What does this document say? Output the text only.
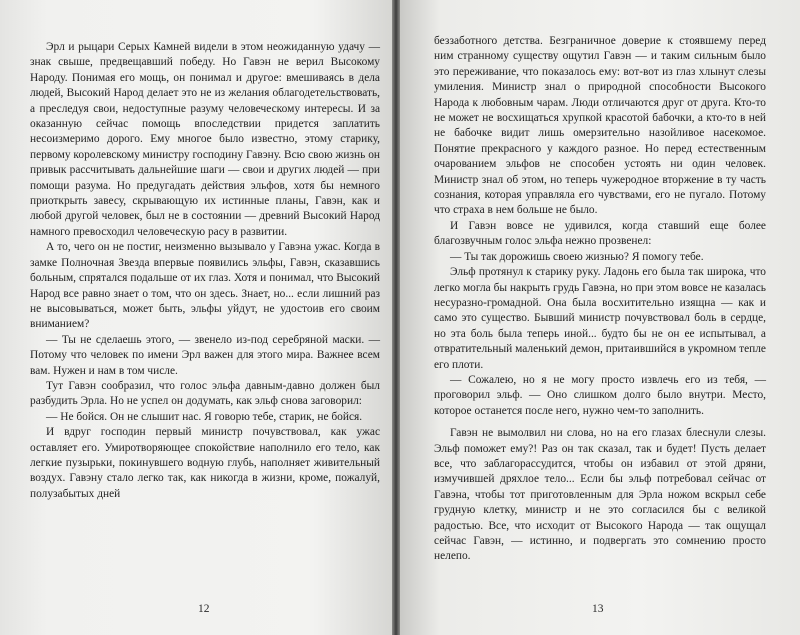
Эрл и рыцари Серых Камней видели в этом неожиданную удачу — знак свыше, предвещавший победу. Но Гавэн не верил Высокому Народу. Понимая его мощь, он понимал и другое: вмешиваясь в дела людей, Высокий Народ делает это не из желания облагодетельствовать, а преследуя свои, недоступные разуму человеческому интересы. И за оказанную сейчас помощь впоследствии придется заплатить несоизмеримо дорого. Ему многое было известно, этому старику, первому королевскому министру господину Гавэну. Всю свою жизнь он привык рассчитывать дальнейшие шаги — свои и других людей — при помощи разума. Но предугадать действия эльфов, хотя бы немного приоткрыть завесу, скрывающую их истинные планы, Гавэн, как и любой другой человек, был не в состоянии — древний Высокий Народ намного превосходил человеческую расу в развитии.

А то, чего он не постиг, неизменно вызывало у Гавэна ужас. Когда в замке Полночная Звезда впервые появились эльфы, Гавэн, сказавшись больным, спрятался подальше от их глаз. Хотя и понимал, что Высокий Народ все равно знает о том, что он здесь. Знает, но... если лишний раз не высовываться, может быть, эльфы уйдут, не удостоив его своим вниманием?

— Ты не сделаешь этого, — звенело из-под серебряной маски. — Потому что человек по имени Эрл важен для этого мира. Важнее всем вам. Нужен и нам в том числе.

Тут Гавэн сообразил, что голос эльфа давным-давно должен был разбудить Эрла. Но не успел он додумать, как эльф снова заговорил:

— Не бойся. Он не слышит нас. Я говорю тебе, старик, не бойся.

И вдруг господин первый министр почувствовал, как ужас оставляет его. Умиротворяющее спокойствие наполнило его тело, как легкие пузырьки, покинувшего водную глубь, наполняет живительный воздух. Гавэну стало легко так, как никогда в жизни, кроме, пожалуй, полузабытых дней

12

беззаботного детства. Безграничное доверие к стоявшему перед ним странному существу ощутил Гавэн — и таким сильным было это переживание, что показалось ему: вот-вот из глаз хлынут слезы умиления. Министр знал о природной способности Высокого Народа к любовным чарам. Люди отличаются друг от друга. Кто-то не может не восхищаться хрупкой красотой бабочки, а кто-то в ней не бабочке видит лишь омерзительно назойливое насекомое. Понятие прекрасного у каждого разное. Но перед естественным очарованием эльфов не способен устоять ни один человек. Министр знал об этом, но теперь чужеродное вторжение в ту часть сознания, которая управляла его чувствами, его не пугало. Потому что страха в нем больше не было.

И Гавэн вовсе не удивился, когда ставший еще более благозвучным голос эльфа нежно прозвенел:

— Ты так дорожишь своею жизнью? Я помогу тебе.

Эльф протянул к старику руку. Ладонь его была так широка, что легко могла бы накрыть грудь Гавэна, но при этом вовсе не казалась несуразно-громадной. Она была восхитительно изящна — как и само это существо. Бывший министр почувствовал боль в сердце, но эта боль была теперь иной... будто бы не он ее испытывал, а отвратительный маленький демон, притаившийся в укромном тепле его плоти.

— Сожалею, но я не могу просто извлечь его из тебя, — проговорил эльф. — Оно слишком долго было внутри. Место, которое останется после него, нужно чем-то заполнить.

Гавэн не вымолвил ни слова, но на его глазах блеснули слезы. Эльф поможет ему?! Раз он так сказал, так и будет! Пусть делает все, что заблагорассудится, чтобы он избавил от этой дряни, измучившей дряхлое тело... Если бы эльф потребовал сейчас от Гавэна, чтобы тот приготовленным для Эрла ножом вскрыл себе грудную клетку, министр и не это согласился бы с великой радостью. Все, что исходит от Высокого Народа — так ощущал сейчас Гавэн, — истинно, и подвергать это сомнению просто нелепо.

13
